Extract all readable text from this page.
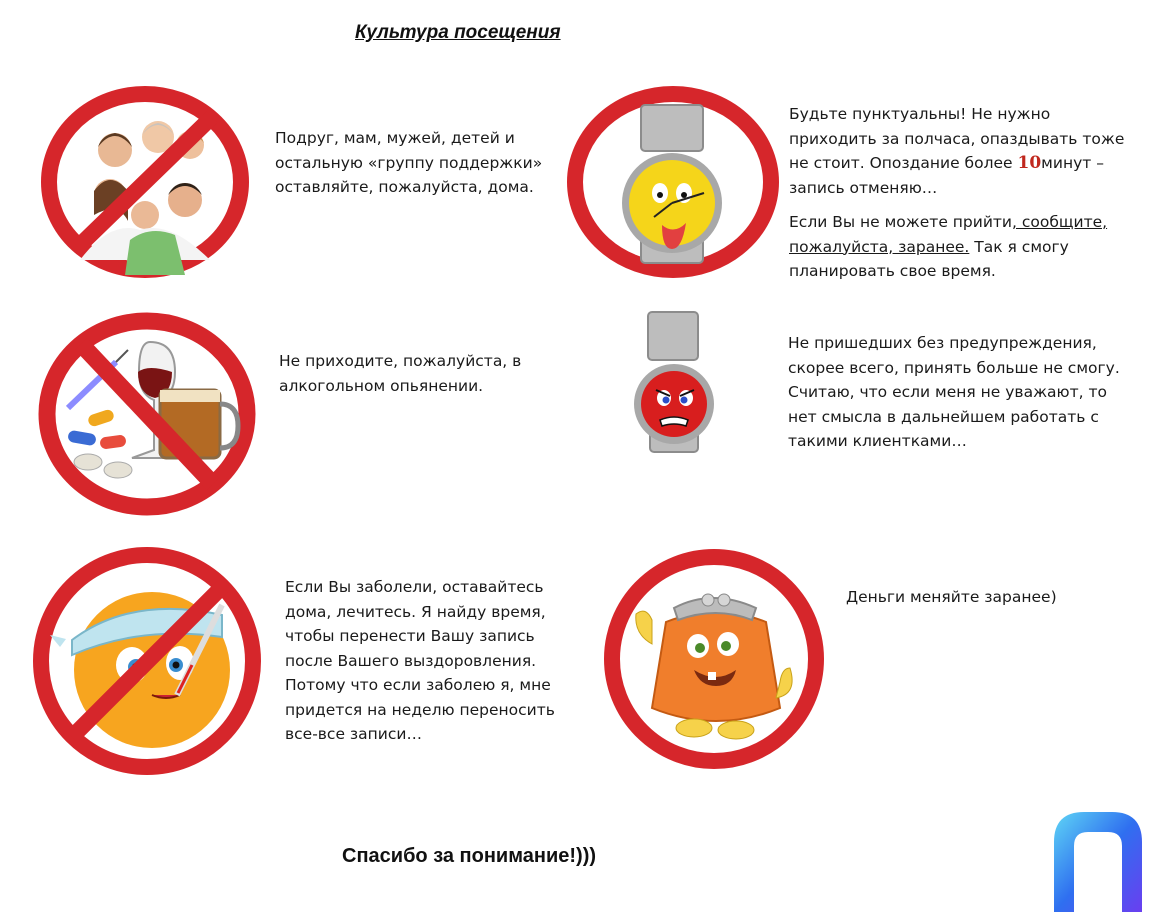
Культура посещения
Подруг, мам, мужей, детей и остальную «группу поддержки» оставляйте, пожалуйста, дома.
Не приходите, пожалуйста, в алкогольном опьянении.
Если Вы заболели, оставайтесь дома, лечитесь. Я найду время, чтобы перенести Вашу запись после Вашего выздоровления. Потому что если заболею я, мне придется на неделю переносить все-все записи…

Будьте пунктуальны! Не нужно приходить за полчаса, опаздывать тоже не стоит. Опоздание более 10минут – запись отменяю…

Если Вы не можете прийти, сообщите, пожалуйста, заранее. Так я смогу планировать свое время.

Не пришедших без предупреждения, скорее всего, принять больше не смогу. Считаю, что если меня не уважают, то нет смысла в дальнейшем работать с такими клиентками…
Деньги меняйте заранее)
Спасибо за понимание!)))
